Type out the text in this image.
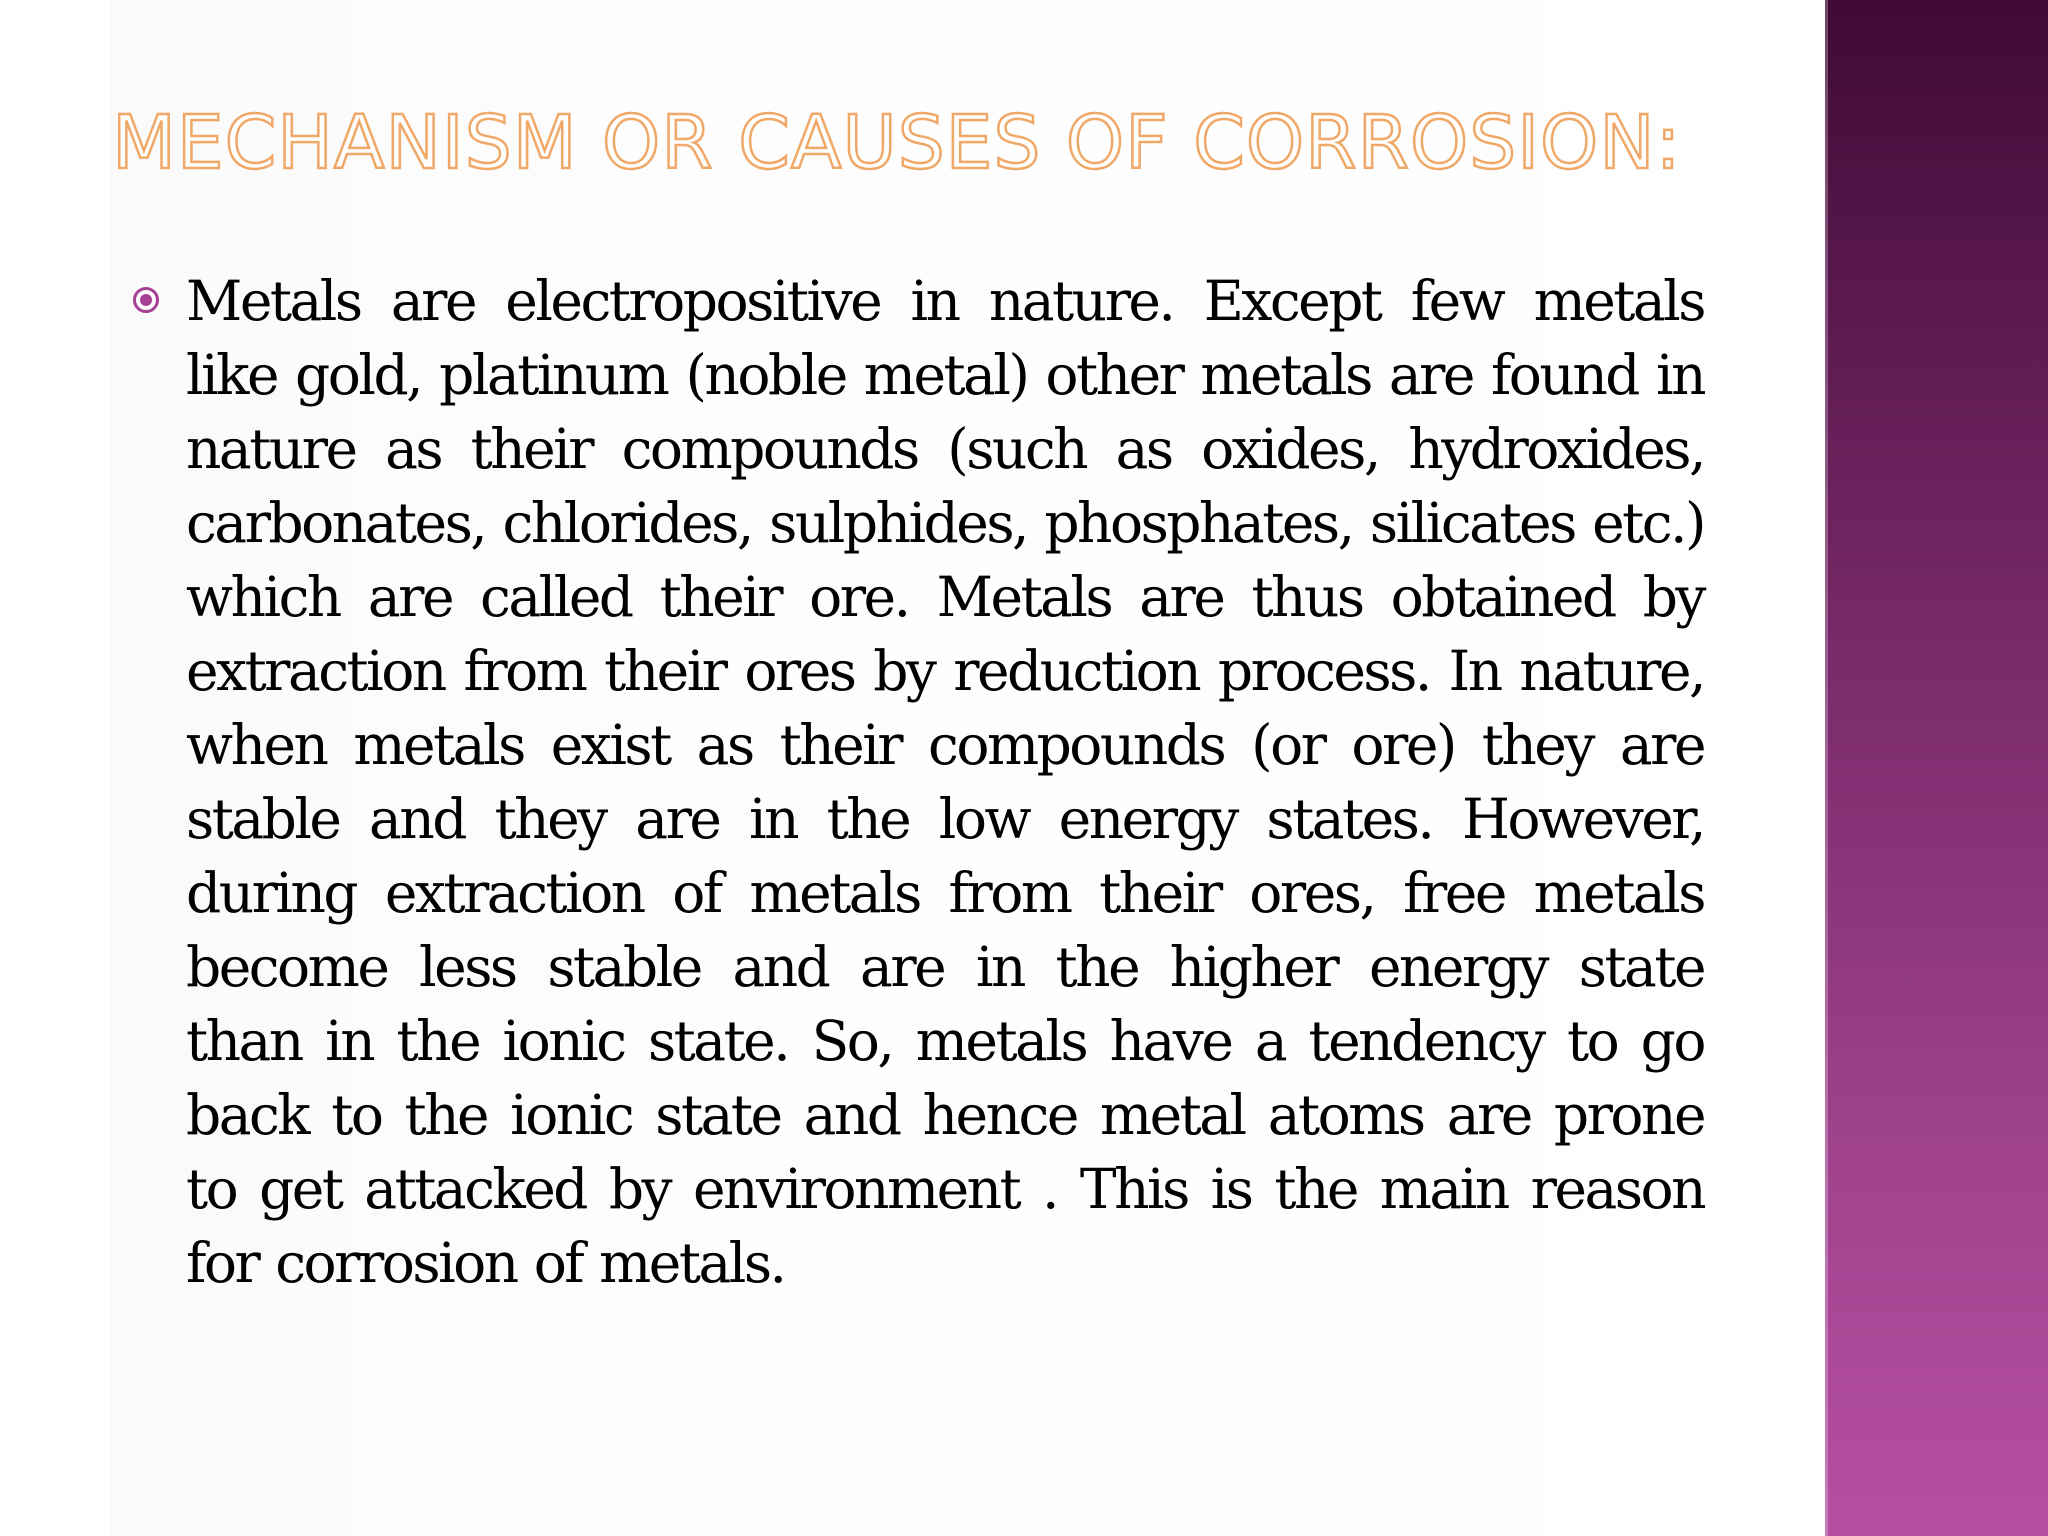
MECHANISM OR CAUSES OF CORROSION:

Metals are electropositive in nature. Except few metals like gold, platinum (noble metal) other metals are found in nature as their compounds (such as oxides, hydroxides, carbonates, chlorides, sulphides, phosphates, silicates etc.) which are called their ore. Metals are thus obtained by extraction from their ores by reduction process. In nature, when metals exist as their compounds (or ore) they are stable and they are in the low energy states. However, during extraction of metals from their ores, free metals become less stable and are in the higher energy state than in the ionic state. So, metals have a tendency to go back to the ionic state and hence metal atoms are prone to get attacked by environment . This is the main reason for corrosion of metals.
